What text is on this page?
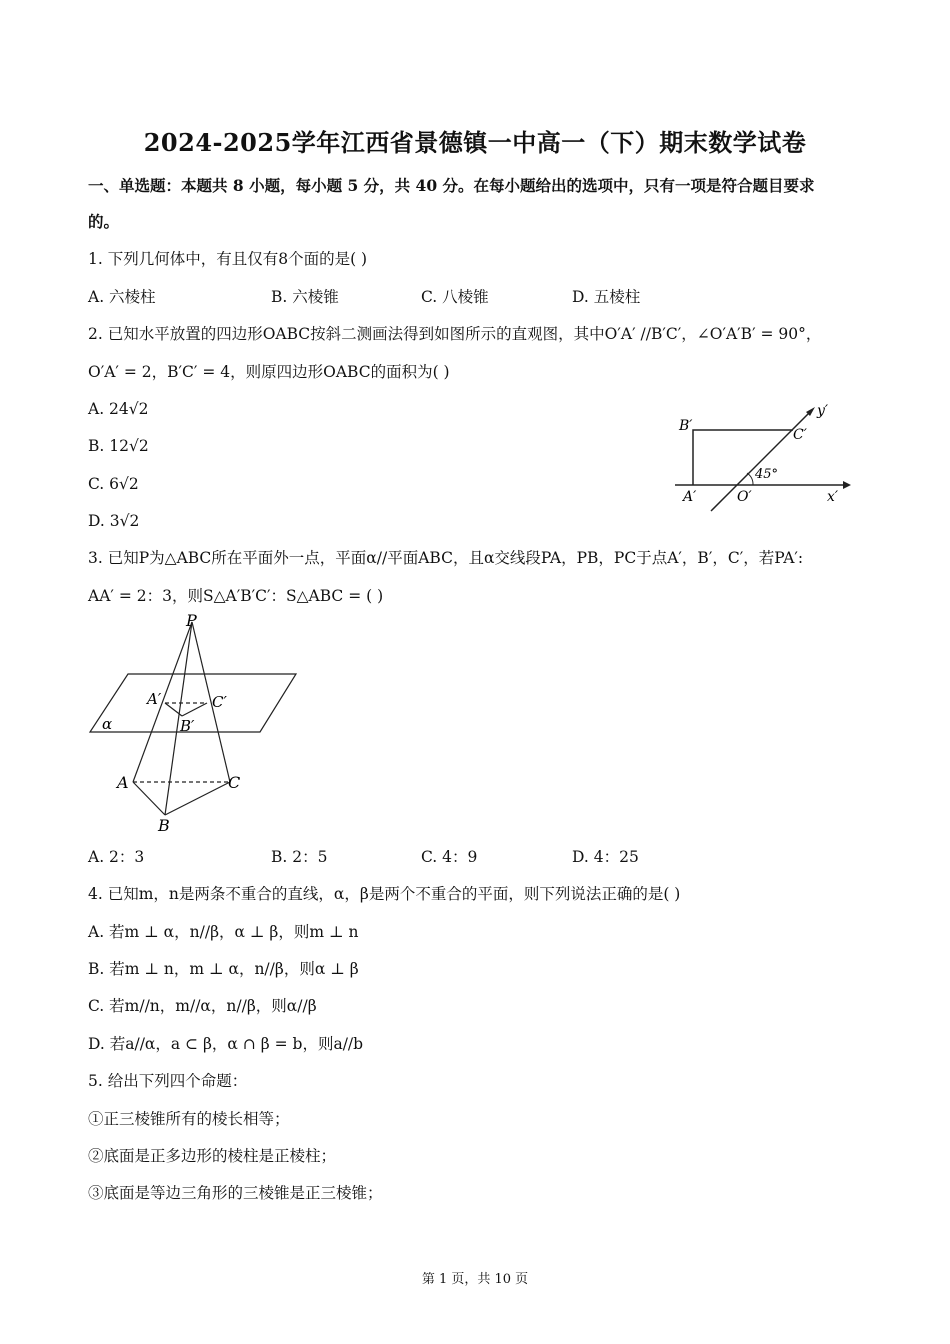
2024-2025学年江西省景德镇一中高一（下）期末数学试卷
一、单选题：本题共 8 小题，每小题 5 分，共 40 分。在每小题给出的选项中，只有一项是符合题目要求
的。
1. 下列几何体中，有且仅有8个面的是( )
A. 六棱柱	B. 六棱锥	C. 八棱锥	D. 五棱柱
2. 已知水平放置的四边形OABC按斜二测画法得到如图所示的直观图，其中O′A′ //B′C′，∠O′A′B′ = 90°，
O′A′ = 2，B′C′ = 4，则原四边形OABC的面积为( )
A. 24√2
B. 12√2
C. 6√2
D. 3√2
B′
C′
y′
45°
A′	O′	x′
3. 已知P为△ABC所在平面外一点，平面α//平面ABC，且α交线段PA，PB，PC于点A′，B′，C′，若PA′:
AA′ = 2：3，则S△A′B′C′：S△ABC = ( )
P
A′	C′
B′
α
A	C
B
A. 2：3	B. 2：5	C. 4：9	D. 4：25
4. 已知m，n是两条不重合的直线，α，β是两个不重合的平面，则下列说法正确的是( )
A. 若m ⊥ α，n//β，α ⊥ β，则m ⊥ n
B. 若m ⊥ n，m ⊥ α，n//β，则α ⊥ β
C. 若m//n，m//α，n//β，则α//β
D. 若a//α，a ⊂ β，α ∩ β = b，则a//b
5. 给出下列四个命题：
①正三棱锥所有的棱长相等；
②底面是正多边形的棱柱是正棱柱；
③底面是等边三角形的三棱锥是正三棱锥；
第 1 页，共 10 页
